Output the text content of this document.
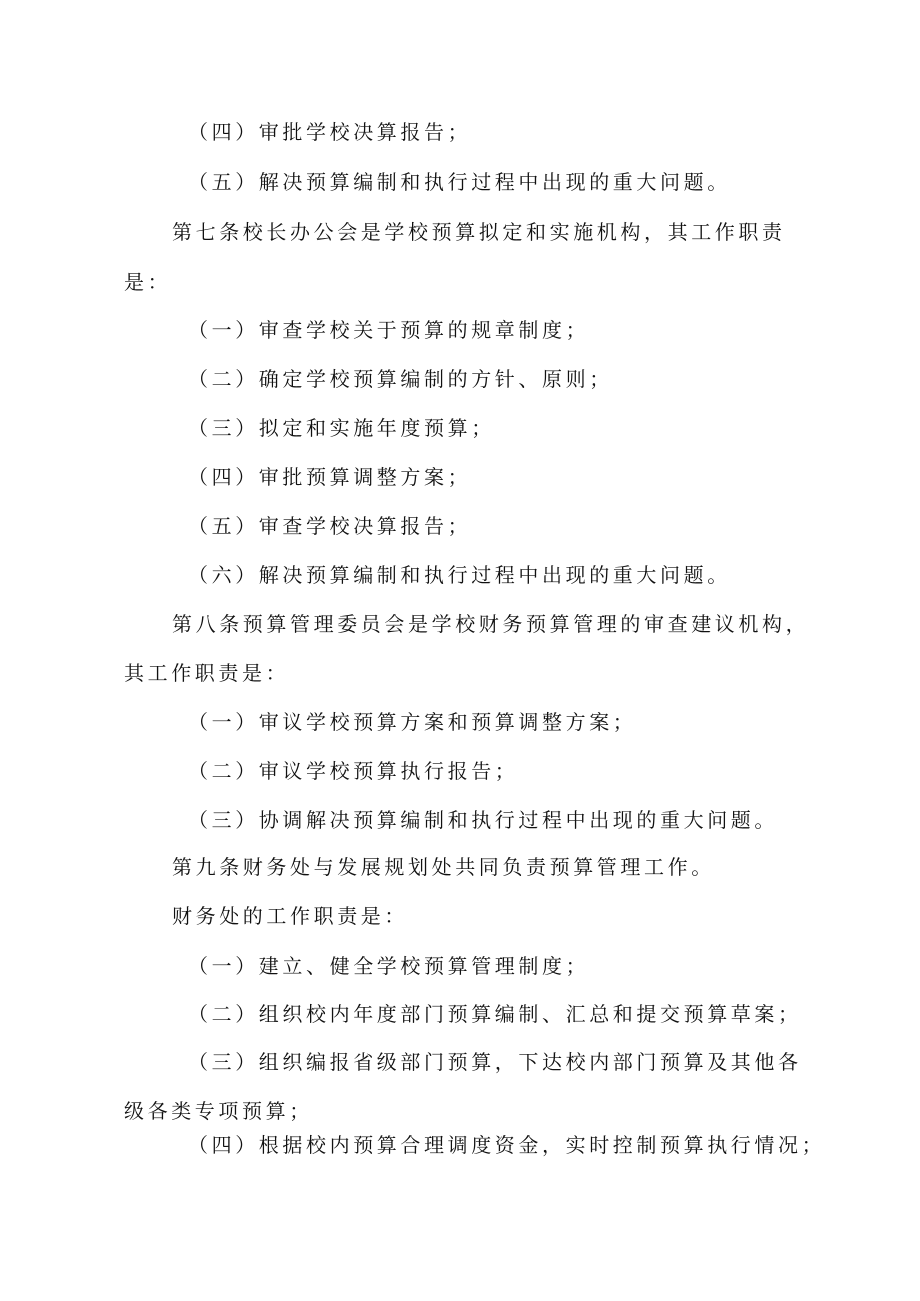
（四）审批学校决算报告；
（五）解决预算编制和执行过程中出现的重大问题。
第七条校长办公会是学校预算拟定和实施机构，其工作职责
是：
（一）审查学校关于预算的规章制度；
（二）确定学校预算编制的方针、原则；
（三）拟定和实施年度预算；
（四）审批预算调整方案；
（五）审查学校决算报告；
（六）解决预算编制和执行过程中出现的重大问题。
第八条预算管理委员会是学校财务预算管理的审查建议机构，
其工作职责是：
（一）审议学校预算方案和预算调整方案；
（二）审议学校预算执行报告；
（三）协调解决预算编制和执行过程中出现的重大问题。
第九条财务处与发展规划处共同负责预算管理工作。
财务处的工作职责是：
（一）建立、健全学校预算管理制度；
（二）组织校内年度部门预算编制、汇总和提交预算草案；
（三）组织编报省级部门预算，下达校内部门预算及其他各
级各类专项预算；
（四）根据校内预算合理调度资金，实时控制预算执行情况；
